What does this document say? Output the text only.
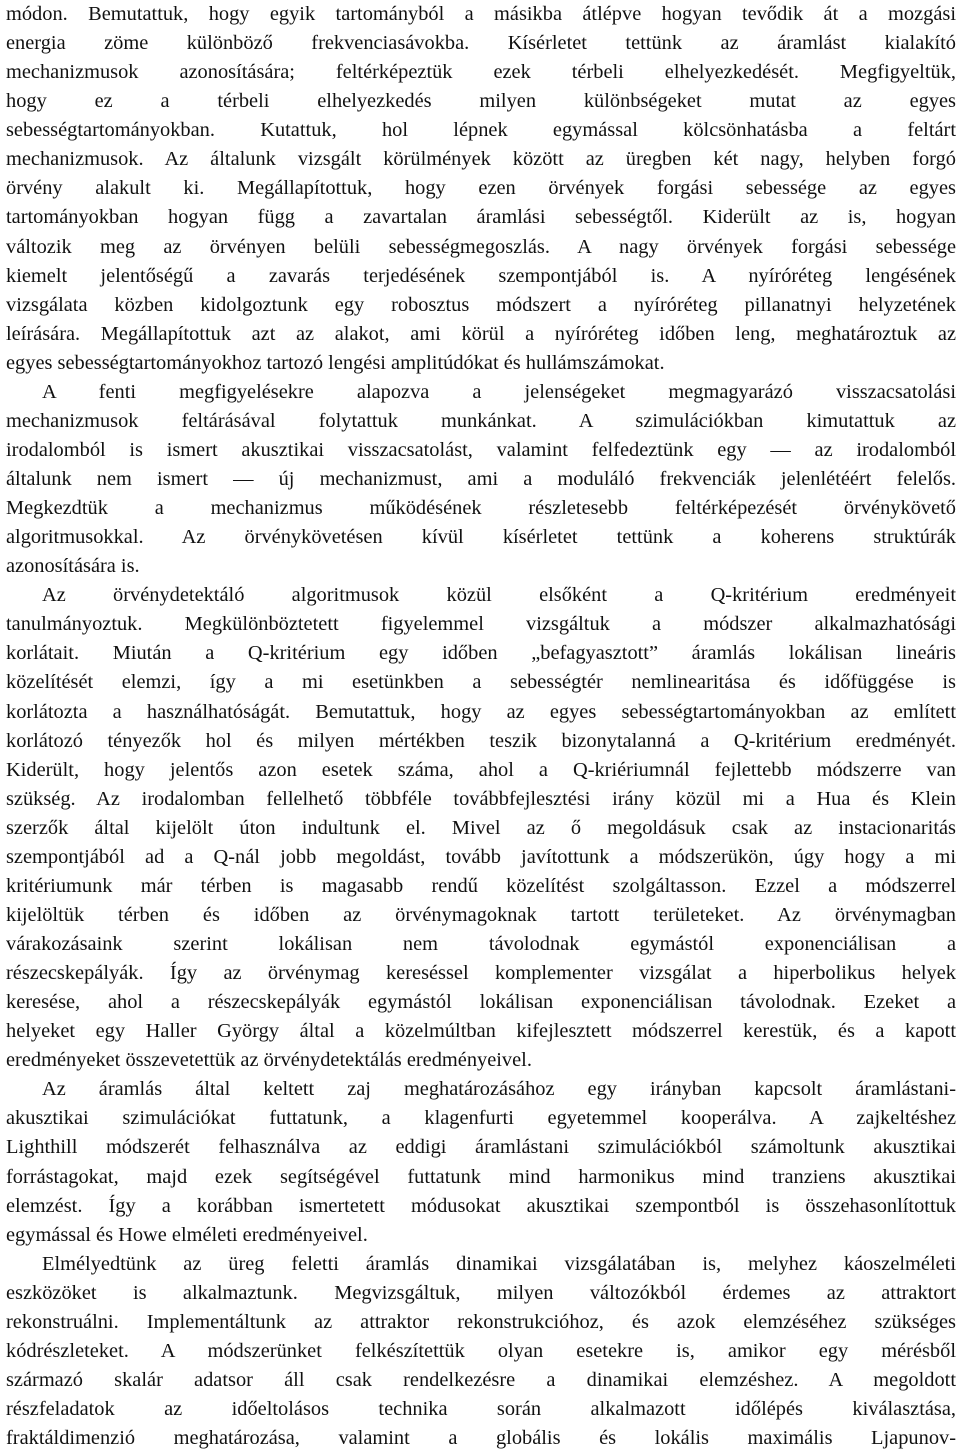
módon. Bemutattuk, hogy egyik tartományból a másikba átlépve hogyan tevődik át a mozgási
energia zöme különböző frekvenciasávokba. Kísérletet tettünk az áramlást kialakító
mechanizmusok azonosítására; feltérképeztük ezek térbeli elhelyezkedését. Megfigyeltük,
hogy ez a térbeli elhelyezkedés milyen különbségeket mutat az egyes
sebességtartományokban. Kutattuk, hol lépnek egymással kölcsönhatásba a feltárt
mechanizmusok. Az általunk vizsgált körülmények között az üregben két nagy, helyben forgó
örvény alakult ki. Megállapítottuk, hogy ezen örvények forgási sebessége az egyes
tartományokban hogyan függ a zavartalan áramlási sebességtől. Kiderült az is, hogyan
változik meg az örvényen belüli sebességmegoszlás. A nagy örvények forgási sebessége
kiemelt jelentőségű a zavarás terjedésének szempontjából is. A nyíróréteg lengésének
vizsgálata közben kidolgoztunk egy robosztus módszert a nyíróréteg pillanatnyi helyzetének
leírására. Megállapítottuk azt az alakot, ami körül a nyíróréteg időben leng, meghatároztuk az
egyes sebességtartományokhoz tartozó lengési amplitúdókat és hullámszámokat.
A fenti megfigyelésekre alapozva a jelenségeket megmagyarázó visszacsatolási
mechanizmusok feltárásával folytattuk munkánkat. A szimulációkban kimutattuk az
irodalomból is ismert akusztikai visszacsatolást, valamint felfedeztünk egy — az irodalomból
általunk nem ismert — új mechanizmust, ami a moduláló frekvenciák jelenlétéért felelős.
Megkezdtük a mechanizmus működésének részletesebb feltérképezését örvénykövető
algoritmusokkal. Az örvénykövetésen kívül kísérletet tettünk a koherens struktúrák
azonosítására is.
Az örvénydetektáló algoritmusok közül elsőként a Q-kritérium eredményeit
tanulmányoztuk. Megkülönböztetett figyelemmel vizsgáltuk a módszer alkalmazhatósági
korlátait. Miután a Q-kritérium egy időben „befagyasztott” áramlás lokálisan lineáris
közelítését elemzi, így a mi esetünkben a sebességtér nemlinearitása és időfüggése is
korlátozta a használhatóságát. Bemutattuk, hogy az egyes sebességtartományokban az említett
korlátozó tényezők hol és milyen mértékben teszik bizonytalanná a Q-kritérium eredményét.
Kiderült, hogy jelentős azon esetek száma, ahol a Q-kriériumnál fejlettebb módszerre van
szükség. Az irodalomban fellelhető többféle továbbfejlesztési irány közül mi a Hua és Klein
szerzők által kijelölt úton indultunk el. Mivel az ő megoldásuk csak az instacionaritás
szempontjából ad a Q-nál jobb megoldást, tovább javítottunk a módszerükön, úgy hogy a mi
kritériumunk már térben is magasabb rendű közelítést szolgáltasson. Ezzel a módszerrel
kijelöltük térben és időben az örvénymagoknak tartott területeket. Az örvénymagban
várakozásaink szerint lokálisan nem távolodnak egymástól exponenciálisan a
részecskepályák. Így az örvénymag kereséssel komplementer vizsgálat a hiperbolikus helyek
keresése, ahol a részecskepályák egymástól lokálisan exponenciálisan távolodnak. Ezeket a
helyeket egy Haller György által a közelmúltban kifejlesztett módszerrel kerestük, és a kapott
eredményeket összevetettük az örvénydetektálás eredményeivel.
Az áramlás által keltett zaj meghatározásához egy irányban kapcsolt áramlástani-
akusztikai szimulációkat futtatunk, a klagenfurti egyetemmel kooperálva. A zajkeltéshez
Lighthill módszerét felhasználva az eddigi áramlástani szimulációkból számoltunk akusztikai
forrástagokat, majd ezek segítségével futtatunk mind harmonikus mind tranziens akusztikai
elemzést. Így a korábban ismertetett módusokat akusztikai szempontból is összehasonlítottuk
egymással és Howe elméleti eredményeivel.
Elmélyedtünk az üreg feletti áramlás dinamikai vizsgálatában is, melyhez káoszelméleti
eszközöket is alkalmaztunk. Megvizsgáltuk, milyen változókból érdemes az attraktort
rekonstruálni. Implementáltunk az attraktor rekonstrukcióhoz, és azok elemzéséhez szükséges
kódrészleteket. A módszerünket felkészítettük olyan esetekre is, amikor egy mérésből
származó skalár adatsor áll csak rendelkezésre a dinamikai elemzéshez. A megoldott
részfeladatok az időeltolásos technika során alkalmazott időlépés kiválasztása,
fraktáldimenzió meghatározása, valamint a globális és lokális maximális Ljapunov-
